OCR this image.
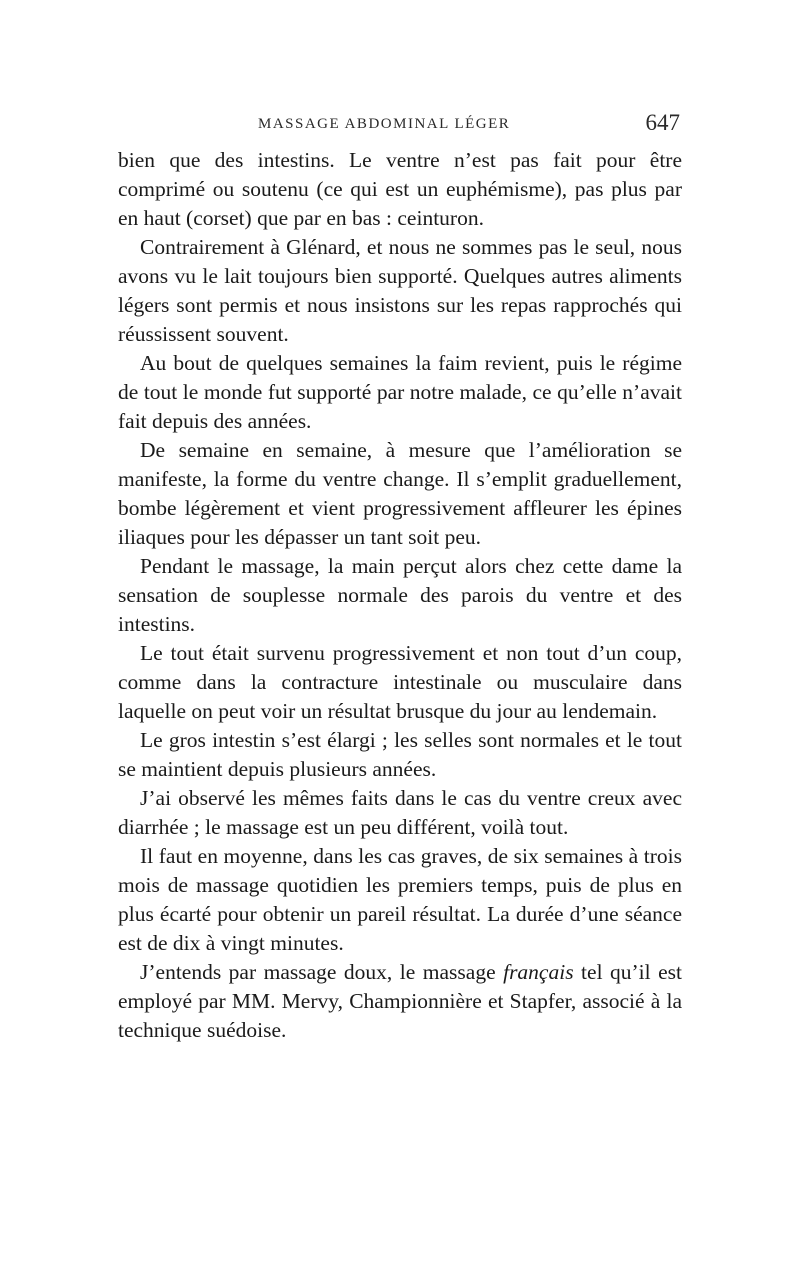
MASSAGE ABDOMINAL LÉGER	647

bien que des intestins. Le ventre n’est pas fait pour être comprimé ou soutenu (ce qui est un euphémisme), pas plus par en haut (corset) que par en bas : ceinturon.

Contrairement à Glénard, et nous ne sommes pas le seul, nous avons vu le lait toujours bien supporté. Quelques autres aliments légers sont permis et nous insistons sur les repas rapprochés qui réussissent souvent.

Au bout de quelques semaines la faim revient, puis le régime de tout le monde fut supporté par notre malade, ce qu’elle n’avait fait depuis des années.

De semaine en semaine, à mesure que l’amélioration se manifeste, la forme du ventre change. Il s’emplit graduellement, bombe légèrement et vient progressivement affleurer les épines iliaques pour les dépasser un tant soit peu.

Pendant le massage, la main perçut alors chez cette dame la sensation de souplesse normale des parois du ventre et des intestins.

Le tout était survenu progressivement et non tout d’un coup, comme dans la contracture intestinale ou musculaire dans laquelle on peut voir un résultat brusque du jour au lendemain.

Le gros intestin s’est élargi ; les selles sont normales et le tout se maintient depuis plusieurs années.

J’ai observé les mêmes faits dans le cas du ventre creux avec diarrhée ; le massage est un peu différent, voilà tout.

Il faut en moyenne, dans les cas graves, de six semaines à trois mois de massage quotidien les premiers temps, puis de plus en plus écarté pour obtenir un pareil résultat. La durée d’une séance est de dix à vingt minutes.

J’entends par massage doux, le massage français tel qu’il est employé par MM. Mervy, Championnière et Stapfer, associé à la technique suédoise.
